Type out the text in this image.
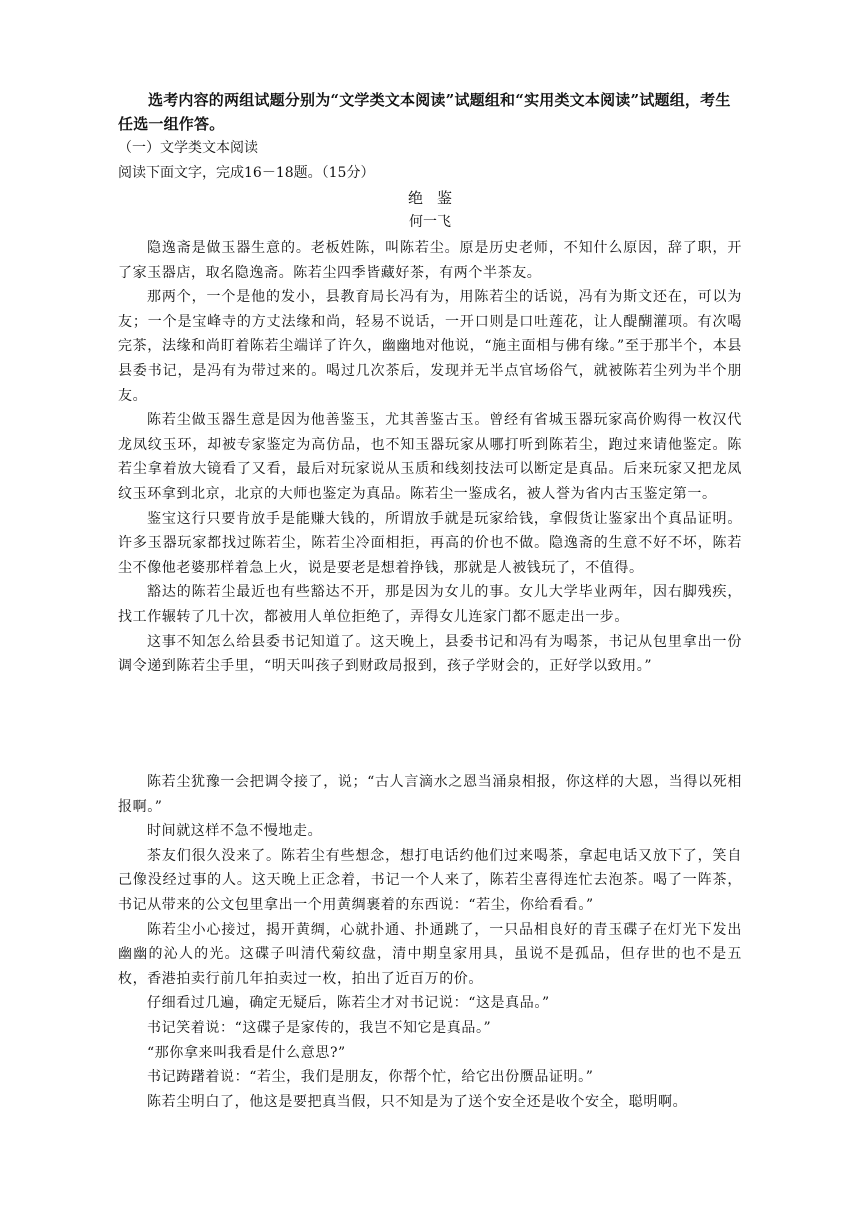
选考内容的两组试题分别为“文学类文本阅读”试题组和“实用类文本阅读”试题组，考生任选一组作答。
（一）文学类文本阅读
阅读下面文字，完成16－18题。（15分）
绝鉴
何一飞

隐逸斋是做玉器生意的。老板姓陈，叫陈若尘。原是历史老师，不知什么原因，辞了职，开了家玉器店，取名隐逸斋。陈若尘四季皆藏好茶，有两个半茶友。

那两个，一个是他的发小，县教育局长冯有为，用陈若尘的话说，冯有为斯文还在，可以为友；一个是宝峰寺的方丈法缘和尚，轻易不说话，一开口则是口吐莲花，让人醍醐灌项。有次喝完茶，法缘和尚盯着陈若尘端详了许久，幽幽地对他说，“施主面相与佛有缘。”至于那半个，本县县委书记，是冯有为带过来的。喝过几次茶后，发现并无半点官场俗气，就被陈若尘列为半个朋友。

陈若尘做玉器生意是因为他善鉴玉，尤其善鉴古玉。曾经有省城玉器玩家高价购得一枚汉代龙凤纹玉环，却被专家鉴定为高仿品，也不知玉器玩家从哪打听到陈若尘，跑过来请他鉴定。陈若尘拿着放大镜看了又看，最后对玩家说从玉质和线刻技法可以断定是真品。后来玩家又把龙凤纹玉环拿到北京，北京的大师也鉴定为真品。陈若尘一鉴成名，被人誉为省内古玉鉴定第一。

鉴宝这行只要肯放手是能赚大钱的，所谓放手就是玩家给钱，拿假货让鉴家出个真品证明。许多玉器玩家都找过陈若尘，陈若尘冷面相拒，再高的价也不做。隐逸斋的生意不好不坏，陈若尘不像他老婆那样着急上火，说是要老是想着挣钱，那就是人被钱玩了，不值得。

豁达的陈若尘最近也有些豁达不开，那是因为女儿的事。女儿大学毕业两年，因右脚残疾，找工作辗转了几十次，都被用人单位拒绝了，弄得女儿连家门都不愿走出一步。

这事不知怎么给县委书记知道了。这天晚上，县委书记和冯有为喝茶，书记从包里拿出一份调令递到陈若尘手里，“明天叫孩子到财政局报到，孩子学财会的，正好学以致用。”

陈若尘犹豫一会把调令接了，说；“古人言滴水之恩当涌泉相报，你这样的大恩，当得以死相报啊。”

时间就这样不急不慢地走。

茶友们很久没来了。陈若尘有些想念，想打电话约他们过来喝茶，拿起电话又放下了，笑自己像没经过事的人。这天晚上正念着，书记一个人来了，陈若尘喜得连忙去泡茶。喝了一阵茶，书记从带来的公文包里拿出一个用黄绸裹着的东西说：“若尘，你给看看。”

陈若尘小心接过，揭开黄绸，心就扑通、扑通跳了，一只品相良好的青玉碟子在灯光下发出幽幽的沁人的光。这碟子叫清代菊纹盘，清中期皇家用具，虽说不是孤品，但存世的也不是五枚，香港拍卖行前几年拍卖过一枚，拍出了近百万的价。

仔细看过几遍，确定无疑后，陈若尘才对书记说：“这是真品。”

书记笑着说：“这碟子是家传的，我岂不知它是真品。”

“那你拿来叫我看是什么意思?”

书记踌躇着说：“若尘，我们是朋友，你帮个忙，给它出份赝品证明。”

陈若尘明白了，他这是要把真当假，只不知是为了送个安全还是收个安全，聪明啊。
